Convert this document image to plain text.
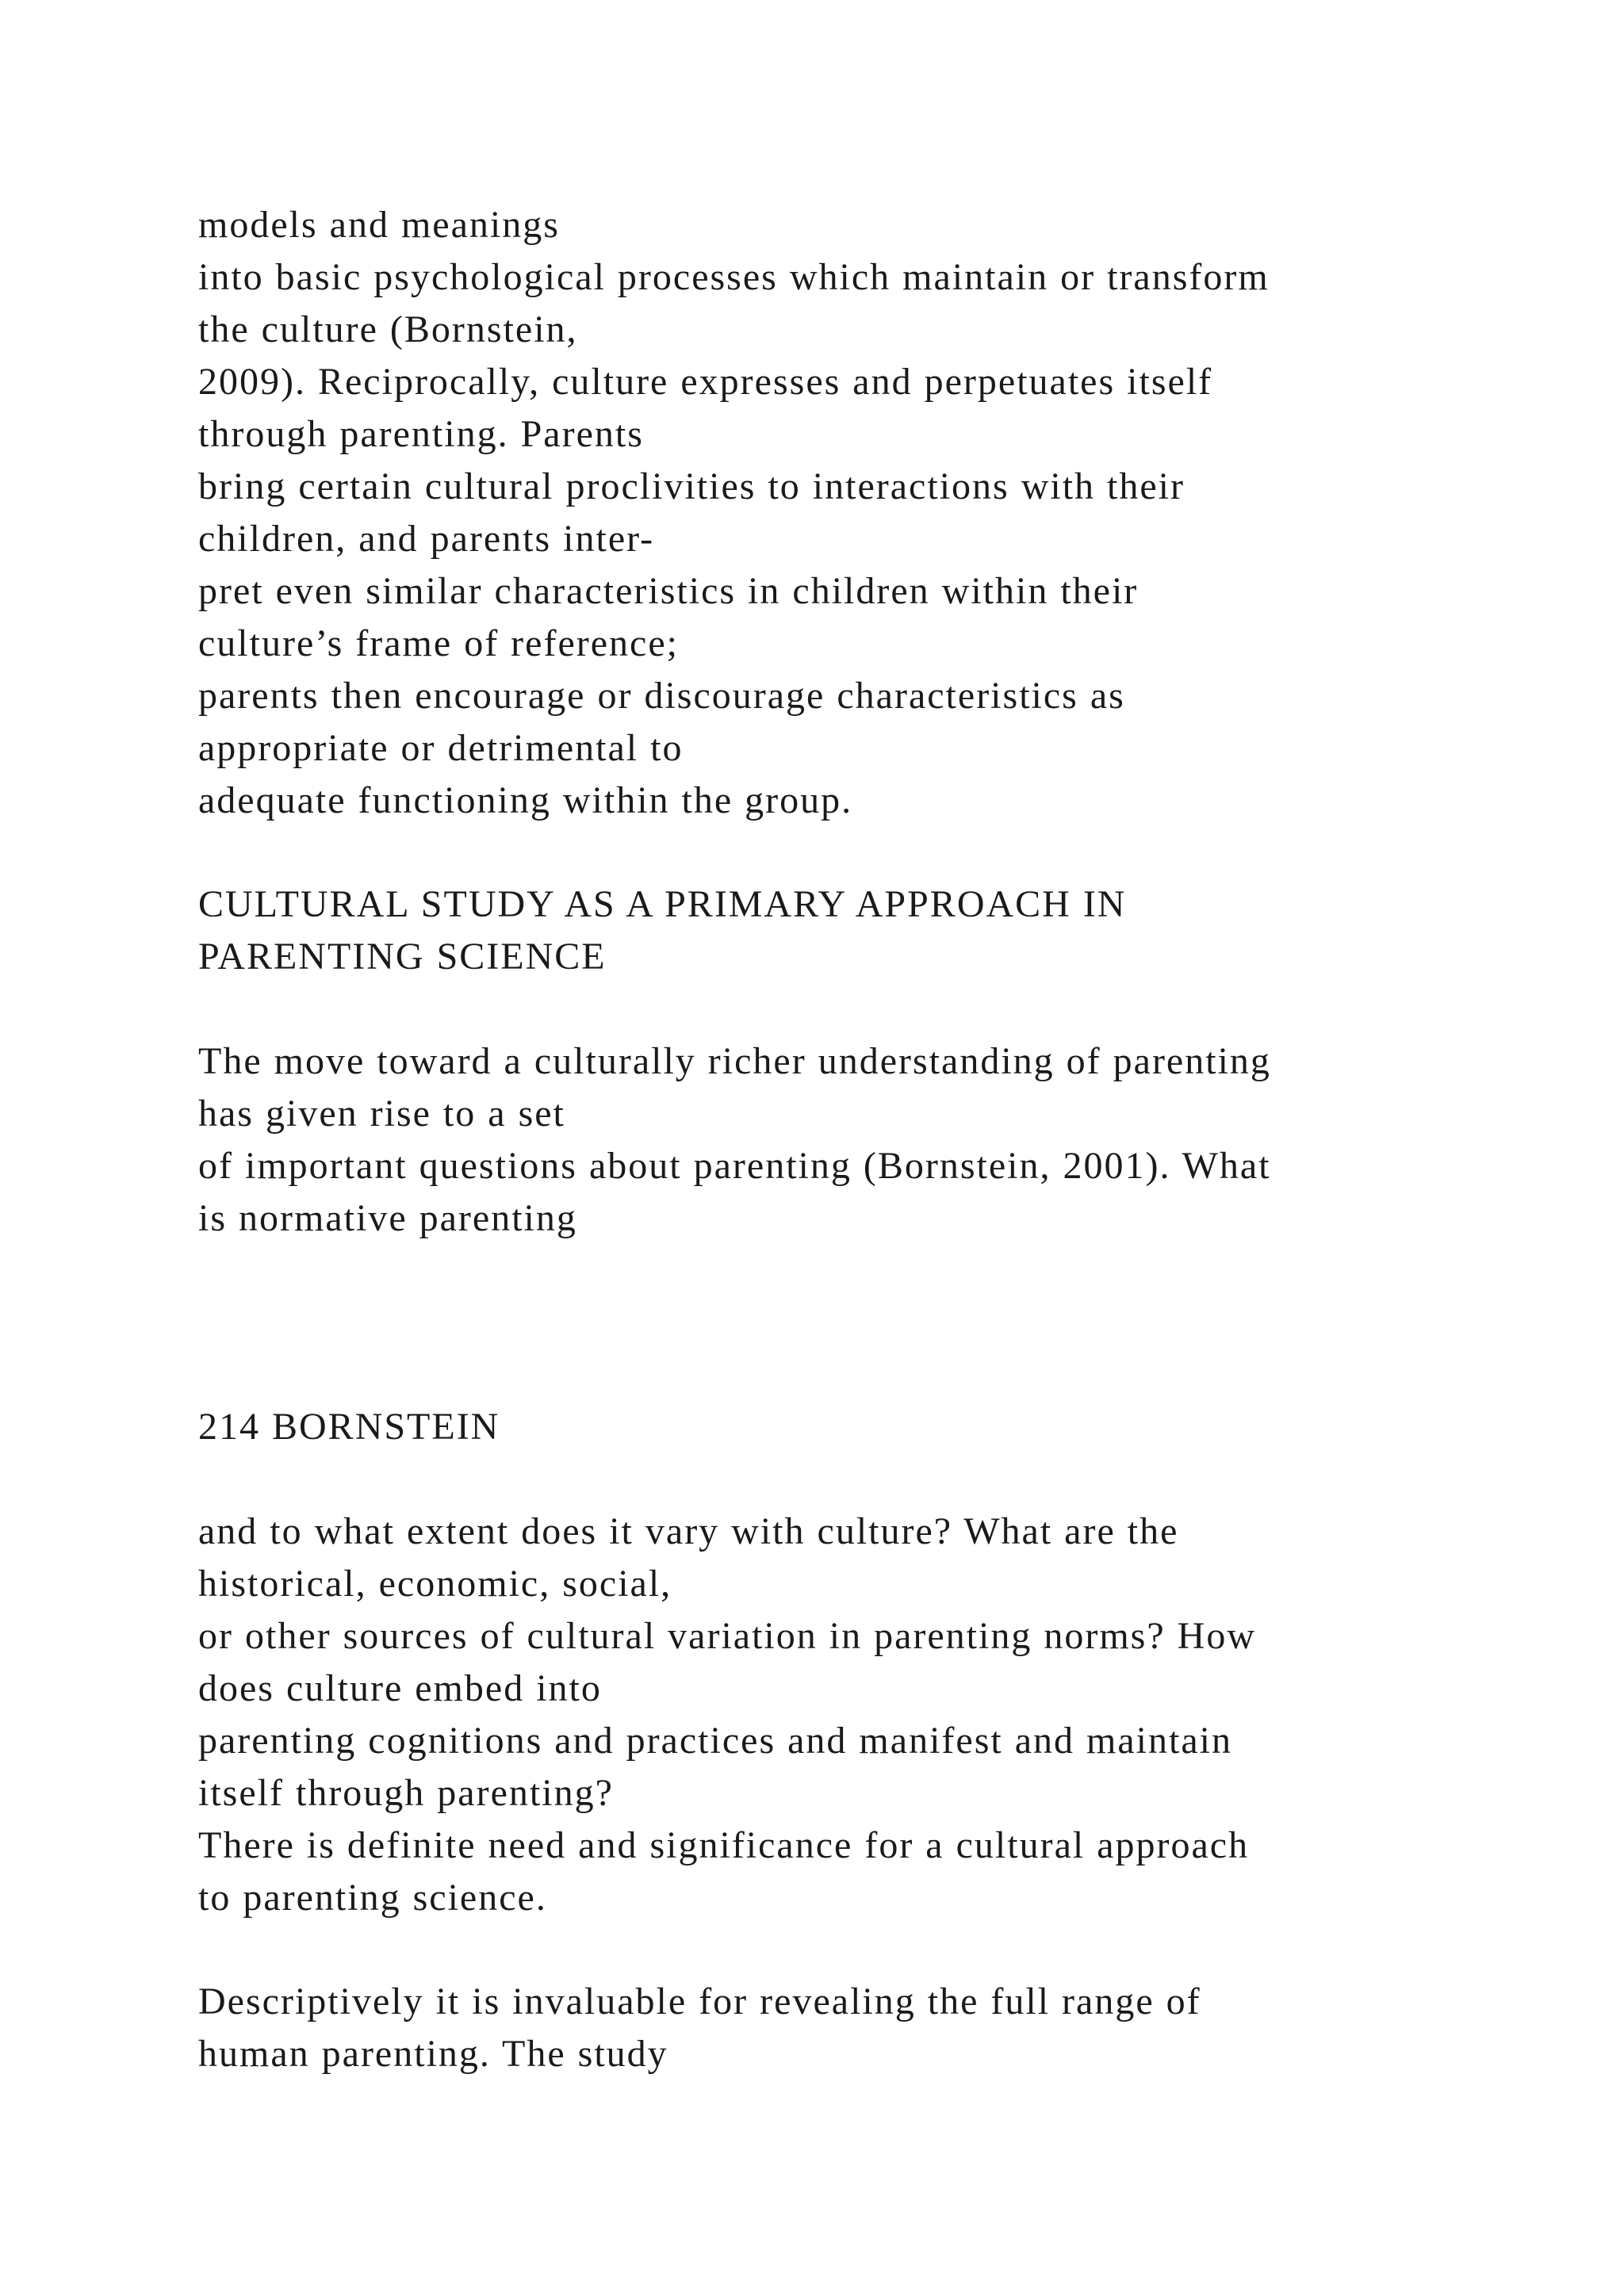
models and meanings
into basic psychological processes which maintain or transform
the culture (Bornstein,
2009). Reciprocally, culture expresses and perpetuates itself
through parenting. Parents
bring certain cultural proclivities to interactions with their
children, and parents inter-
pret even similar characteristics in children within their
culture’s frame of reference;
parents then encourage or discourage characteristics as
appropriate or detrimental to
adequate functioning within the group.
CULTURAL STUDY AS A PRIMARY APPROACH IN
PARENTING SCIENCE
The move toward a culturally richer understanding of parenting
has given rise to a set
of important questions about parenting (Bornstein, 2001). What
is normative parenting
214 BORNSTEIN
and to what extent does it vary with culture? What are the
historical, economic, social,
or other sources of cultural variation in parenting norms? How
does culture embed into
parenting cognitions and practices and manifest and maintain
itself through parenting?
There is definite need and significance for a cultural approach
to parenting science.
Descriptively it is invaluable for revealing the full range of
human parenting. The study
